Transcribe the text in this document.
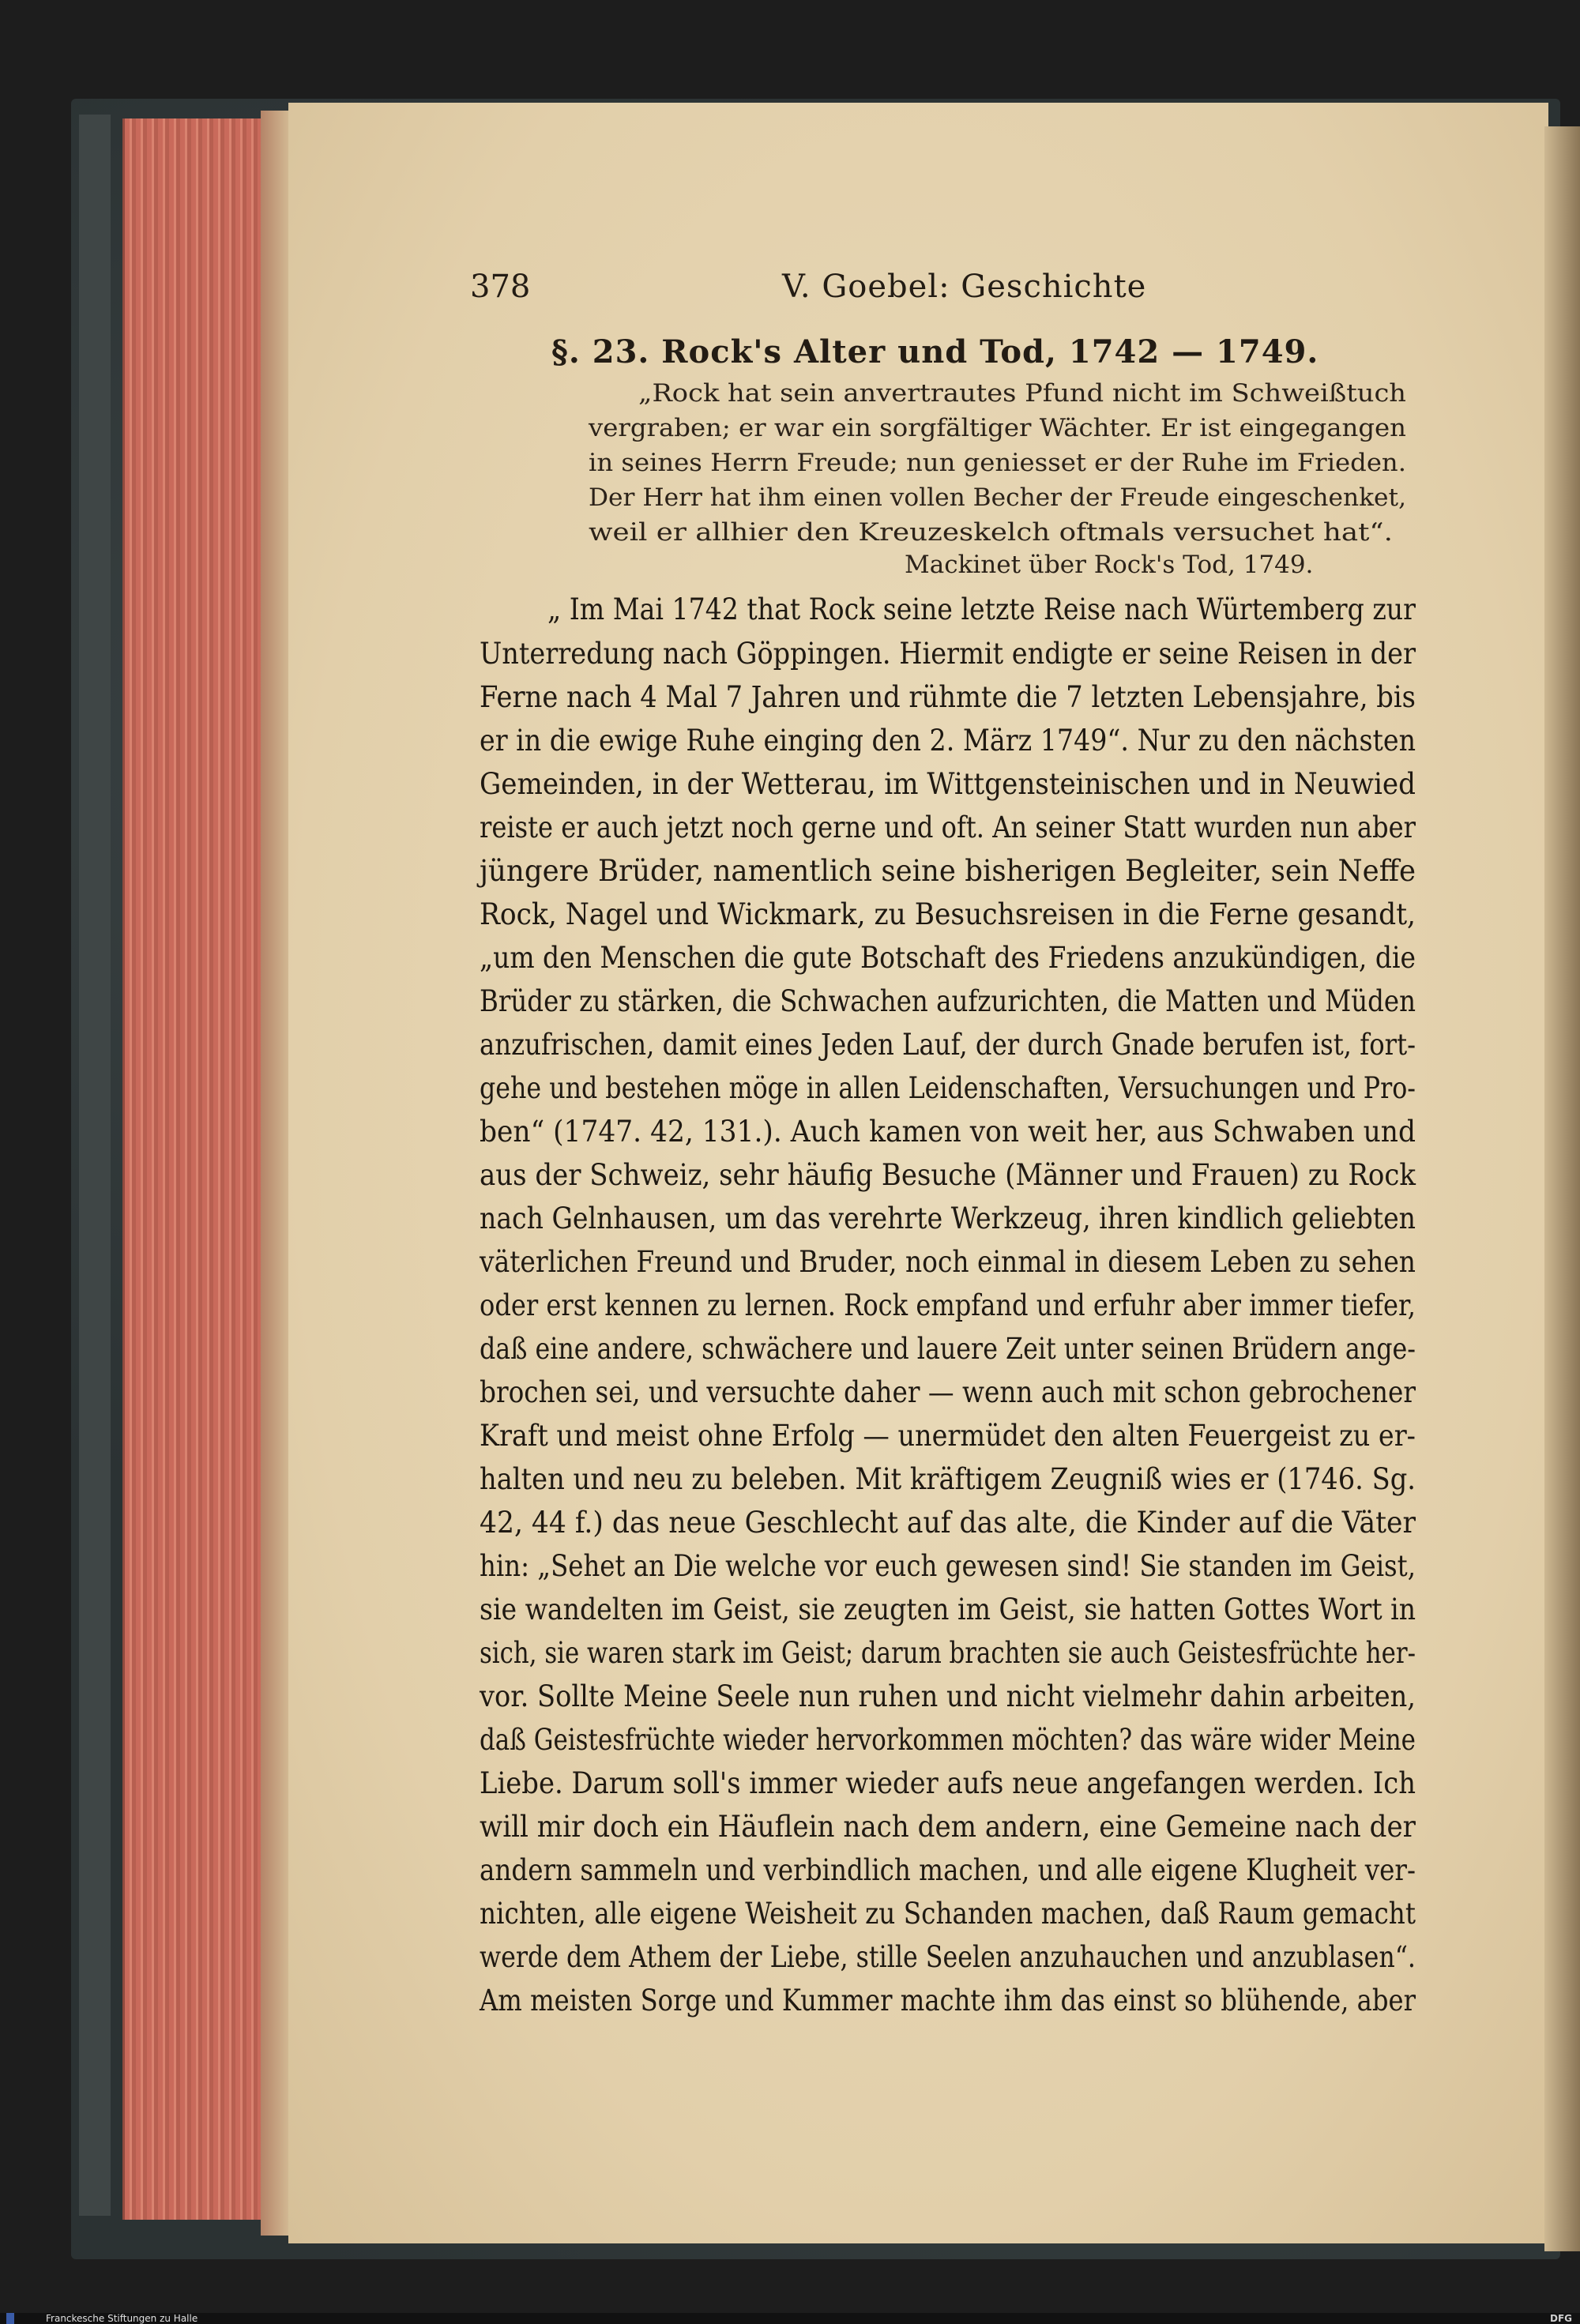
378	V. Goebel: Geschichte
§. 23. Rock's Alter und Tod, 1742 — 1749.
„Rock hat sein anvertrautes Pfund nicht im Schweißtuch
vergraben; er war ein sorgfältiger Wächter. Er ist eingegangen
in seines Herrn Freude; nun geniesset er der Ruhe im Frieden.
Der Herr hat ihm einen vollen Becher der Freude eingeschenket,
weil er allhier den Kreuzeskelch oftmals versuchet hat“.
Mackinet über Rock's Tod, 1749.
„ Im Mai 1742 that Rock seine letzte Reise nach Würtemberg zur
Unterredung nach Göppingen. Hiermit endigte er seine Reisen in der
Ferne nach 4 Mal 7 Jahren und rühmte die 7 letzten Lebensjahre, bis
er in die ewige Ruhe einging den 2. März 1749“. Nur zu den nächsten
Gemeinden, in der Wetterau, im Wittgensteinischen und in Neuwied
reiste er auch jetzt noch gerne und oft. An seiner Statt wurden nun aber
jüngere Brüder, namentlich seine bisherigen Begleiter, sein Neffe
Rock, Nagel und Wickmark, zu Besuchsreisen in die Ferne gesandt,
„um den Menschen die gute Botschaft des Friedens anzukündigen, die
Brüder zu stärken, die Schwachen aufzurichten, die Matten und Müden
anzufrischen, damit eines Jeden Lauf, der durch Gnade berufen ist, fort-
gehe und bestehen möge in allen Leidenschaften, Versuchungen und Pro-
ben“ (1747. 42, 131.). Auch kamen von weit her, aus Schwaben und
aus der Schweiz, sehr häufig Besuche (Männer und Frauen) zu Rock
nach Gelnhausen, um das verehrte Werkzeug, ihren kindlich geliebten
väterlichen Freund und Bruder, noch einmal in diesem Leben zu sehen
oder erst kennen zu lernen. Rock empfand und erfuhr aber immer tiefer,
daß eine andere, schwächere und lauere Zeit unter seinen Brüdern ange-
brochen sei, und versuchte daher — wenn auch mit schon gebrochener
Kraft und meist ohne Erfolg — unermüdet den alten Feuergeist zu er-
halten und neu zu beleben. Mit kräftigem Zeugniß wies er (1746. Sg.
42, 44 f.) das neue Geschlecht auf das alte, die Kinder auf die Väter
hin: „Sehet an Die welche vor euch gewesen sind! Sie standen im Geist,
sie wandelten im Geist, sie zeugten im Geist, sie hatten Gottes Wort in
sich, sie waren stark im Geist; darum brachten sie auch Geistesfrüchte her-
vor. Sollte Meine Seele nun ruhen und nicht vielmehr dahin arbeiten,
daß Geistesfrüchte wieder hervorkommen möchten? das wäre wider Meine
Liebe. Darum soll's immer wieder aufs neue angefangen werden. Ich
will mir doch ein Häuflein nach dem andern, eine Gemeine nach der
andern sammeln und verbindlich machen, und alle eigene Klugheit ver-
nichten, alle eigene Weisheit zu Schanden machen, daß Raum gemacht
werde dem Athem der Liebe, stille Seelen anzuhauchen und anzublasen“.
Am meisten Sorge und Kummer machte ihm das einst so blühende, aber
Franckesche Stiftungen zu Halle	DFG
